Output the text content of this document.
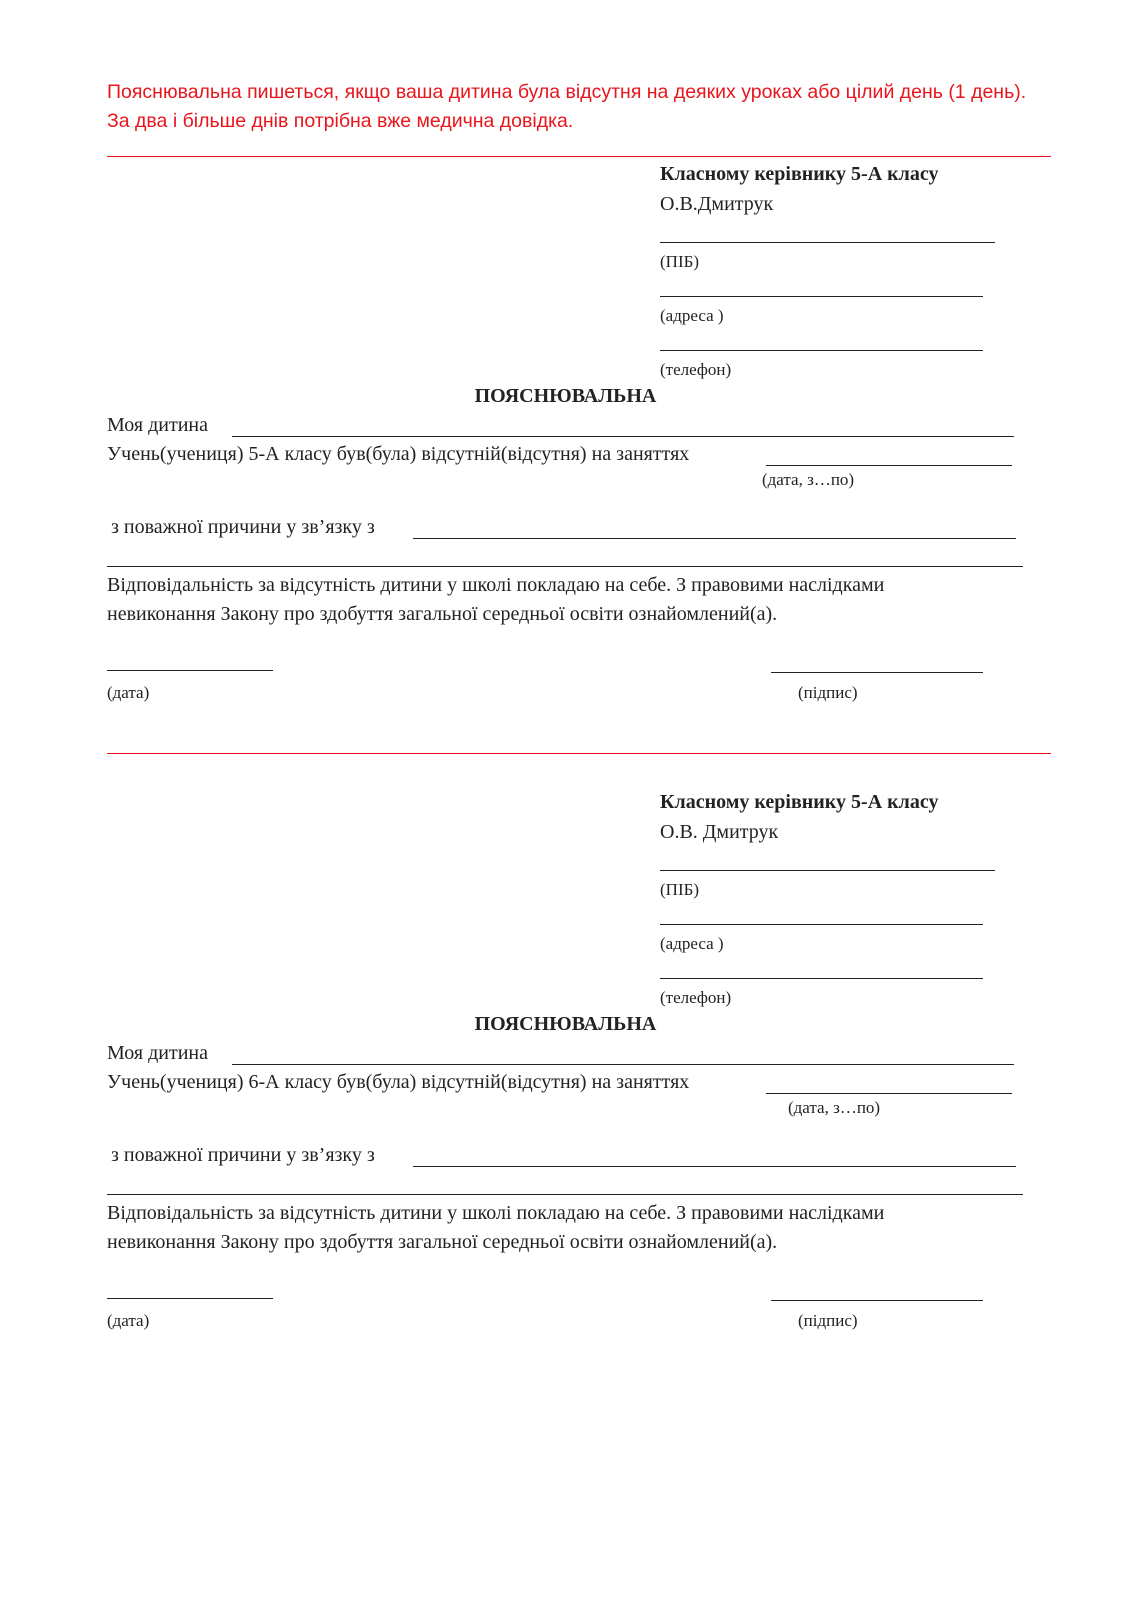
Пояснювальна пишеться, якщо ваша дитина була відсутня на деяких уроках або цілий день (1 день). За два і більше днів потрібна вже медична довідка.
Класному керівнику 5-А класу
О.В.Дмитрук
(ПІБ)
(адреса )
(телефон)
ПОЯСНЮВАЛЬНА
Моя дитина
Учень(учениця) 5-А класу був(була) відсутній(відсутня) на заняттях
(дата, з…по)
з поважної причини у зв’язку з
Відповідальність за відсутність дитини у школі покладаю на себе. З правовими наслідками
невиконання Закону про здобуття загальної середньої освіти ознайомлений(а).
(дата)	(підпис)
Класному керівнику 5-А класу
О.В. Дмитрук
(ПІБ)
(адреса )
(телефон)
ПОЯСНЮВАЛЬНА
Моя дитина
Учень(учениця) 6-А класу був(була) відсутній(відсутня) на заняттях
(дата, з…по)
з поважної причини у зв’язку з
Відповідальність за відсутність дитини у школі покладаю на себе. З правовими наслідками
невиконання Закону про здобуття загальної середньої освіти ознайомлений(а).
(дата)	(підпис)
